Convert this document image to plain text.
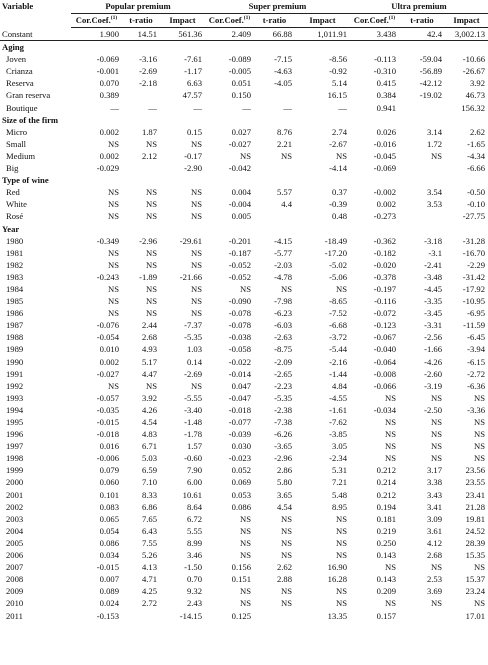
Variable	Popular premium			Super premium			Ultra premium		
	Cor.Coef.$^{(1)}$	t-ratio	Impact	Cor.Coef.$^{(1)}$	t-ratio	Impact	Cor.Coef.$^{(1)}$	t-ratio	Impact
Constant	1.900	14.51	561.36	2.409	66.88	1,011.91	3.438	42.4	3,002.13
Aging									
Joven	-0.069	-3.16	-7.61	-0.089	-7.15	-8.56	-0.113	-59.04	-10.66
Crianza	-0.001	-2.69	-1.17	-0.005	-4.63	-0.92	-0.310	-56.89	-26.67
Reserva	0.070	-2.18	6.63	0.051	-4.05	5.14	0.415	-42.12	3.92
Gran reserva	0.389		47.57	0.150		16.15	0.384	-19.02	46.73
Boutique	—	—	—	—	—	—	0.941		156.32
Size of the firm									
Micro	0.002	1.87	0.15	0.027	8.76	2.74	0.026	3.14	2.62
Small	NS	NS	NS	-0.027	2.21	-2.67	-0.016	1.72	-1.65
Medium	0.002	2.12	-0.17	NS	NS	NS	-0.045	NS	-4.34
Big	-0.029		-2.90	-0.042		-4.14	-0.069		-6.66
Type of wine									
Red	NS	NS	NS	0.004	5.57	0.37	-0.002	3.54	-0.50
White	NS	NS	NS	-0.004	4.4	-0.39	0.002	3.53	-0.10
Rosé	NS	NS	NS	0.005		0.48	-0.273		-27.75
Year									
1980	-0.349	-2.96	-29.61	-0.201	-4.15	-18.49	-0.362	-3.18	-31.28
1981	NS	NS	NS	-0.187	-5.77	-17.20	-0.182	-3.1	-16.70
1982	NS	NS	NS	-0.052	-2.03	-5.02	-0.020	-2.41	-2.29
1983	-0.243	-1.89	-21.66	-0.052	-4.78	-5.06	-0.378	-3.48	-31.42
1984	NS	NS	NS	NS	NS	NS	-0.197	-4.45	-17.92
1985	NS	NS	NS	-0.090	-7.98	-8.65	-0.116	-3.35	-10.95
1986	NS	NS	NS	-0.078	-6.23	-7.52	-0.072	-3.45	-6.95
1987	-0.076	2.44	-7.37	-0.078	-6.03	-6.68	-0.123	-3.31	-11.59
1988	-0.054	2.68	-5.35	-0.038	-2.63	-3.72	-0.067	-2.56	-6.45
1989	0.010	4.93	1.03	-0.058	-8.75	-5.44	-0.040	-1.66	-3.94
1990	0.002	5.17	0.14	-0.022	-2.09	-2.16	-0.064	-4.26	-6.15
1991	-0.027	4.47	-2.69	-0.014	-2.65	-1.44	-0.008	-2.60	-2.72
1992	NS	NS	NS	0.047	-2.23	4.84	-0.066	-3.19	-6.36
1993	-0.057	3.92	-5.55	-0.047	-5.35	-4.55	NS	NS	NS
1994	-0.035	4.26	-3.40	-0.018	-2.38	-1.61	-0.034	-2.50	-3.36
1995	-0.015	4.54	-1.48	-0.077	-7.38	-7.62	NS	NS	NS
1996	-0.018	4.83	-1.78	-0.039	-6.26	-3.85	NS	NS	NS
1997	0.016	6.71	1.57	0.030	-3.65	3.05	NS	NS	NS
1998	-0.006	5.03	-0.60	-0.023	-2.96	-2.34	NS	NS	NS
1999	0.079	6.59	7.90	0.052	2.86	5.31	0.212	3.17	23.56
2000	0.060	7.10	6.00	0.069	5.80	7.21	0.214	3.38	23.55
2001	0.101	8.33	10.61	0.053	3.65	5.48	0.212	3.43	23.41
2002	0.083	6.86	8.64	0.086	4.54	8.95	0.194	3.41	21.28
2003	0.065	7.65	6.72	NS	NS	NS	0.181	3.09	19.81
2004	0.054	6.43	5.55	NS	NS	NS	0.219	3.61	24.52
2005	0.086	7.55	8.99	NS	NS	NS	0.250	4.12	28.39
2006	0.034	5.26	3.46	NS	NS	NS	0.143	2.68	15.35
2007	-0.015	4.13	-1.50	0.156	2.62	16.90	NS	NS	NS
2008	0.007	4.71	0.70	0.151	2.88	16.28	0.143	2.53	15.37
2009	0.089	4.25	9.32	NS	NS	NS	0.209	3.69	23.24
2010	0.024	2.72	2.43	NS	NS	NS	NS	NS	NS
2011	-0.153		-14.15	0.125		13.35	0.157		17.01
